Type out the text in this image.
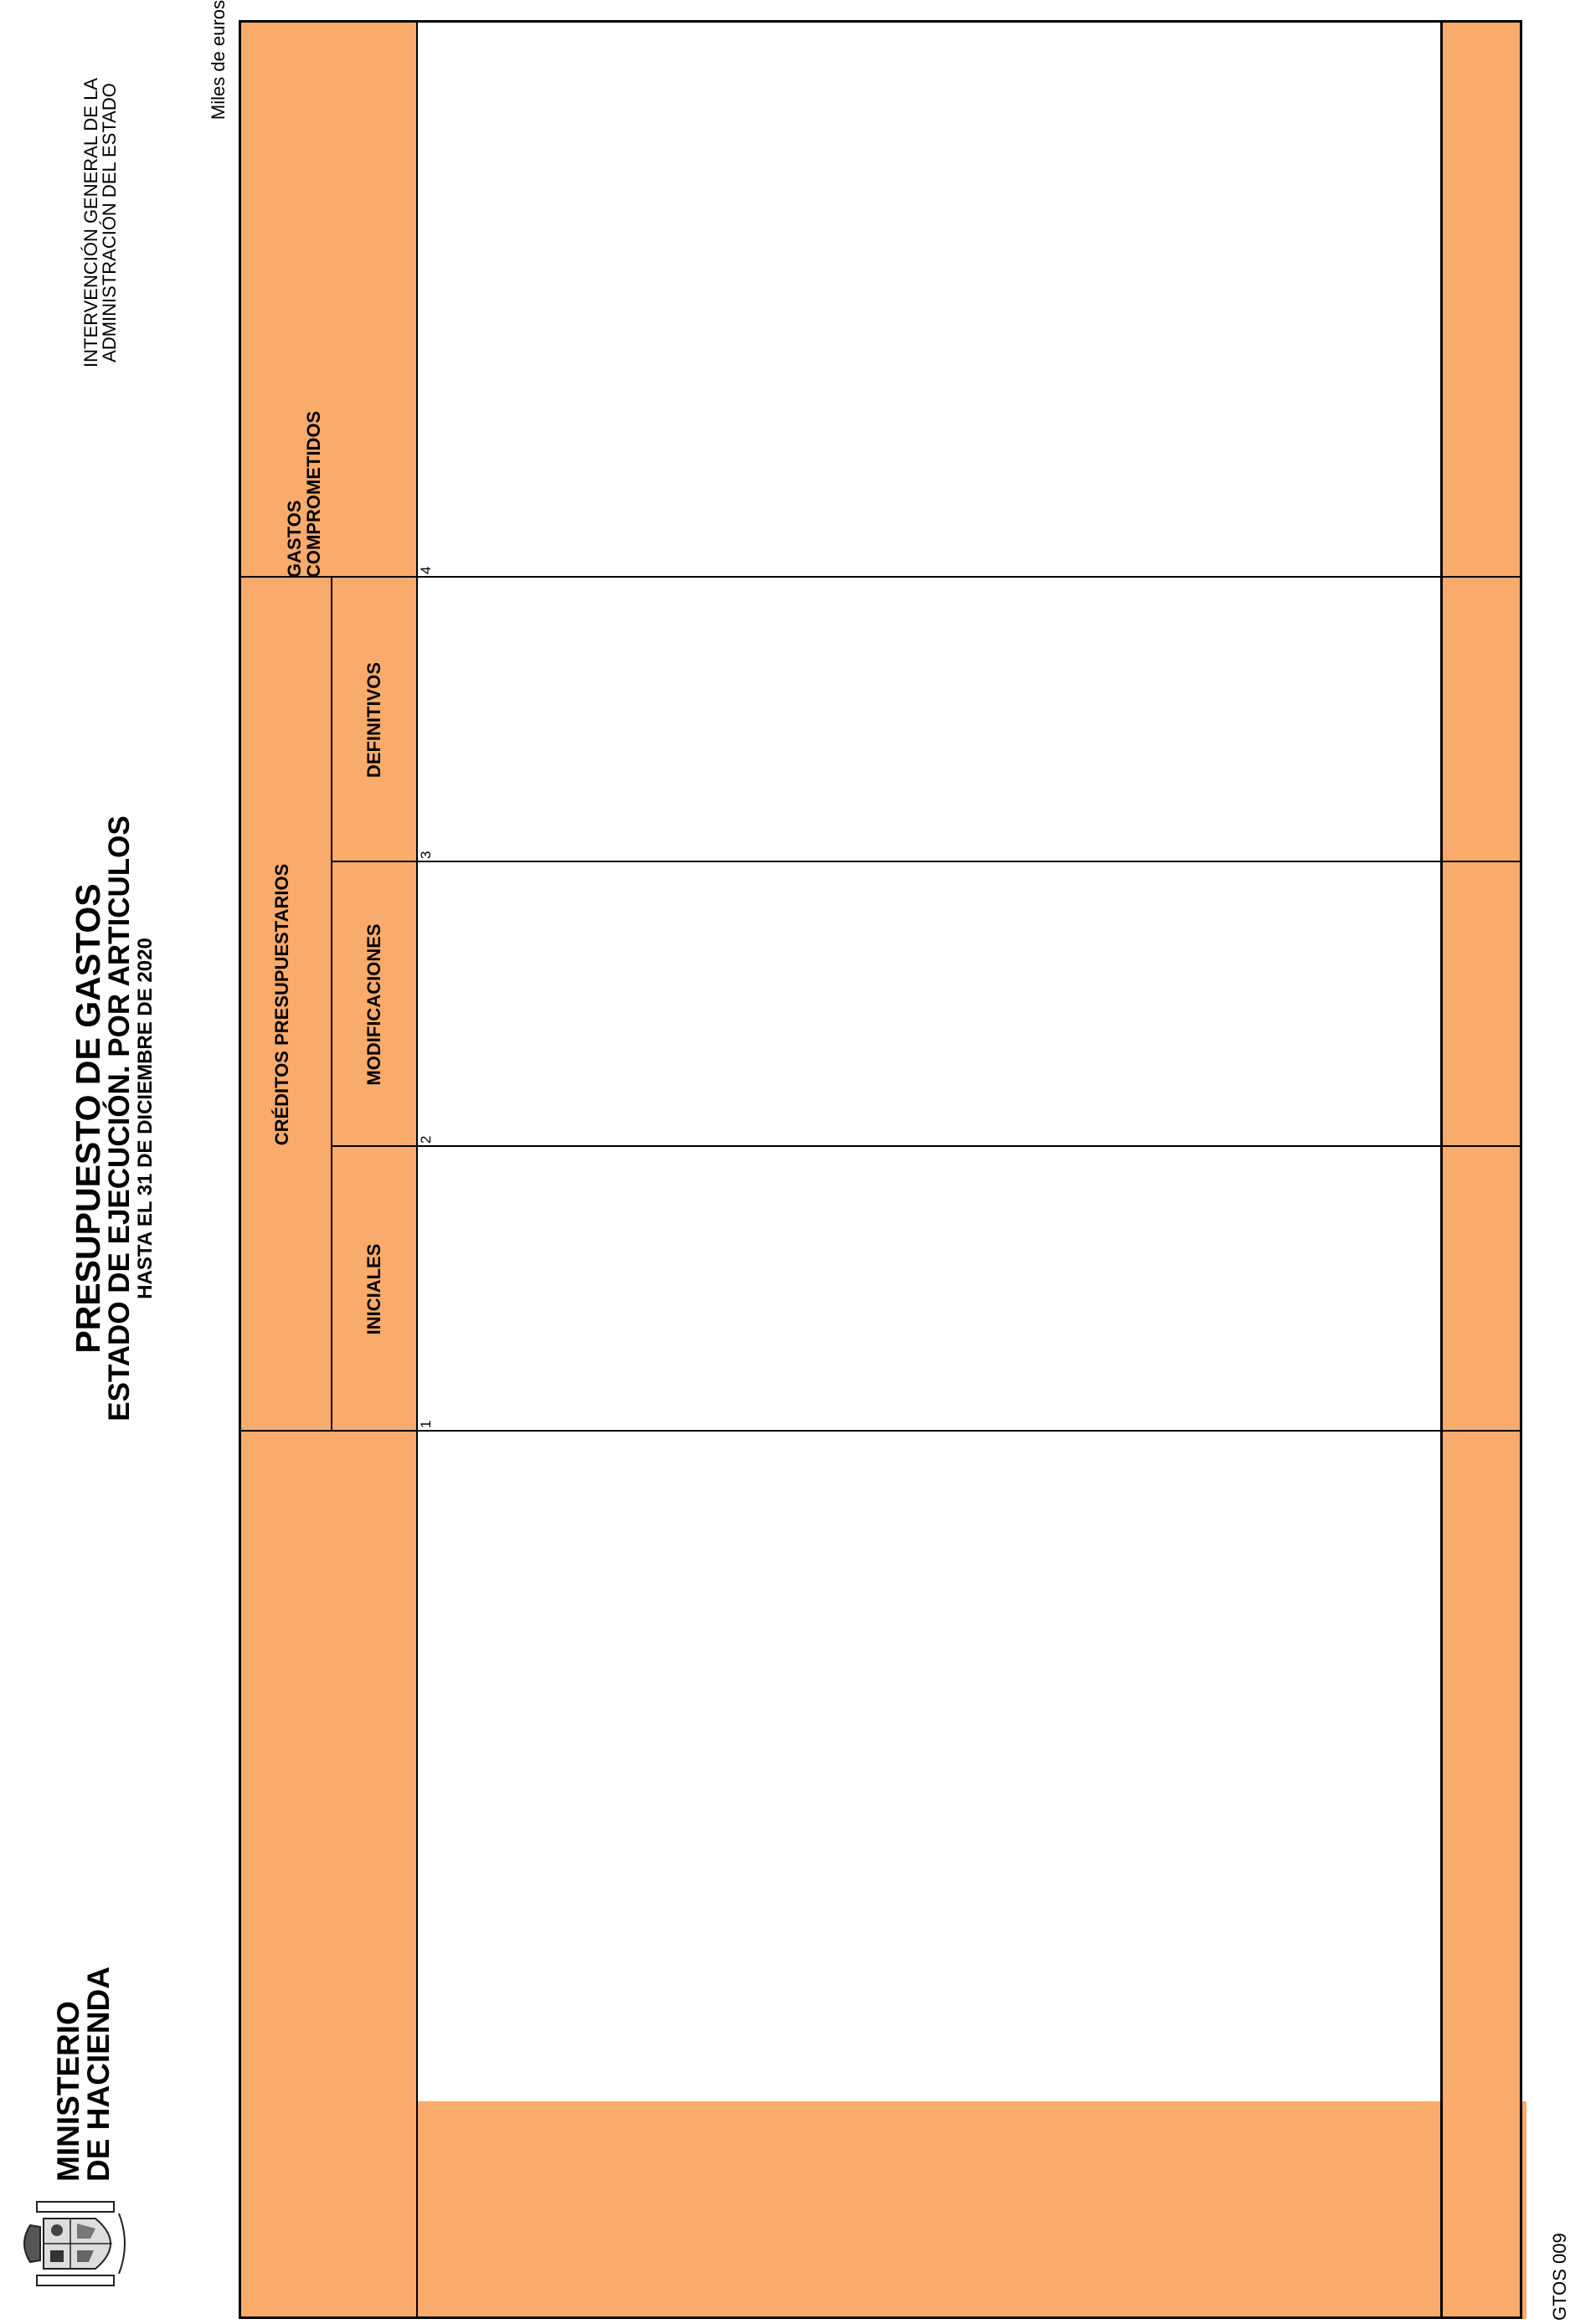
MINISTERIO
DE HACIENDA
PRESUPUESTO DE GASTOS
ESTADO DE EJECUCIÓN. POR ARTICULOS
HASTA EL 31 DE DICIEMBRE DE 2020
INTERVENCIÓN GENERAL DE LA
ADMINISTRACIÓN DEL ESTADO
Miles de euros
GTOS 009
CRÉDITOS PRESUPUESTARIOS
INICIALES
MODIFICACIONES
DEFINITIVOS
GASTOS
1
2
3
4
